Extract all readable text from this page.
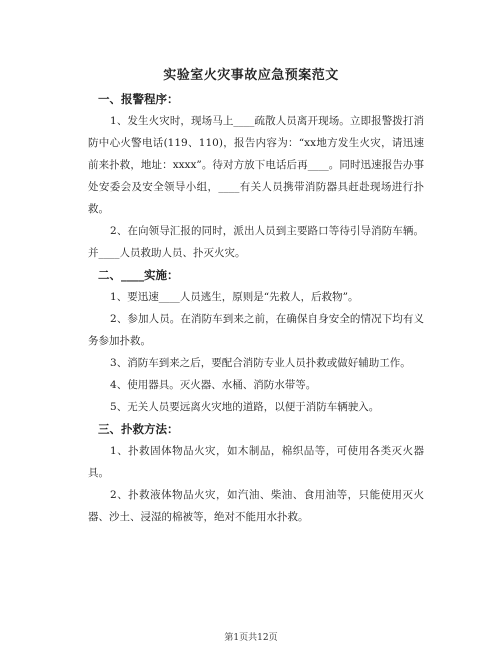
实验室火灾事故应急预案范文
一、报警程序：
1、发生火灾时，现场马上____疏散人员离开现场。立即报警拨打消防中心火警电话(119、110)，报告内容为：“xx地方发生火灾，请迅速前来扑救，地址：xxxx”。待对方放下电话后再____。同时迅速报告办事处安委会及安全领导小组，____有关人员携带消防器具赶赴现场进行扑救。
2、在向领导汇报的同时，派出人员到主要路口等待引导消防车辆。并____人员救助人员、扑灭火灾。
二、____实施：
1、要迅速____人员逃生，原则是“先救人，后救物”。
2、参加人员。在消防车到来之前，在确保自身安全的情况下均有义务参加扑救。
3、消防车到来之后，要配合消防专业人员扑救或做好辅助工作。
4、使用器具。灭火器、水桶、消防水带等。
5、无关人员要远离火灾地的道路，以便于消防车辆驶入。
三、扑救方法：
1、扑救固体物品火灾，如木制品，棉织品等，可使用各类灭火器具。
2、扑救液体物品火灾，如汽油、柴油、食用油等，只能使用灭火器、沙土、浸湿的棉被等，绝对不能用水扑救。
第1页共12页
